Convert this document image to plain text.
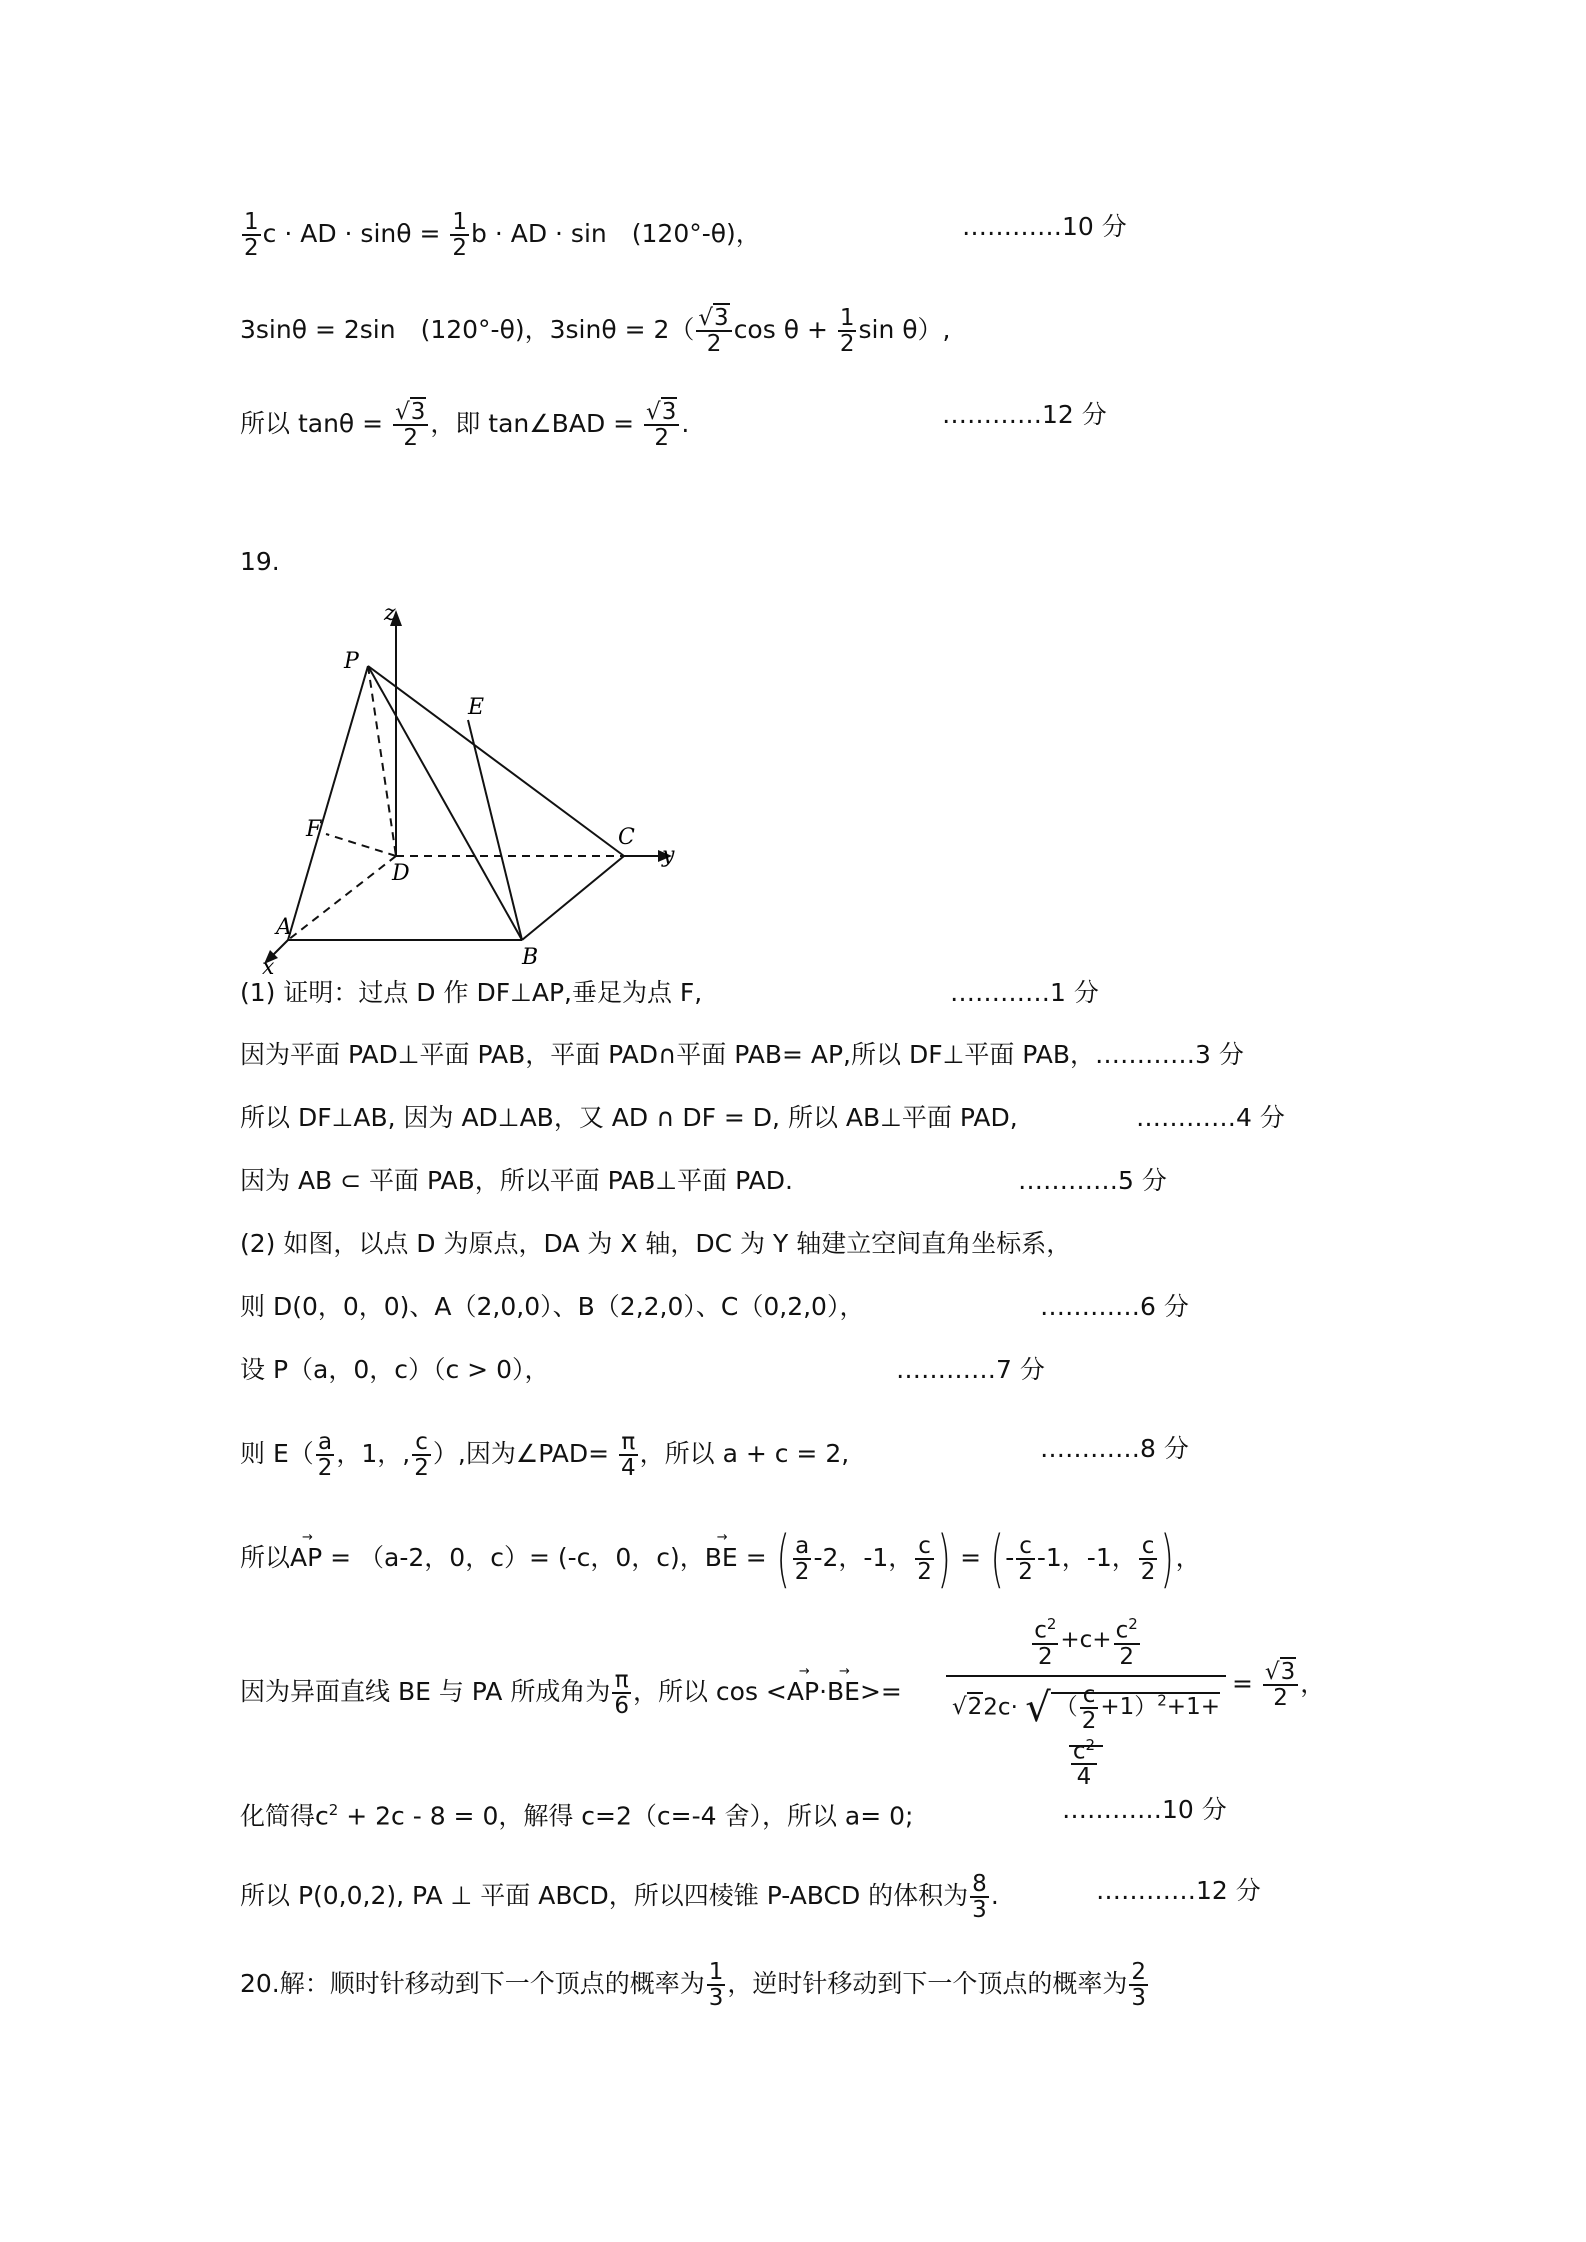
$\frac{1}{2}$ c · AD · $\sin\theta = \frac{1}{2}$ b · AD · sin　(120°-θ)，	…………10 分
3sinθ = 2sin　(120°-θ)，3sinθ = 2（ √ $\frac{3}{2}$ $\cos \theta + \frac{1}{2}$ sin θ）,
所以 tanθ = √ $\frac{3}{2}$ ，即 tan∠BAD = √ $\frac{3}{2}$ .	…………12 分
19.
z
P
E
F	C
y
D
A
B
x
(1) 证明：过点 D 作 DF⊥AP,垂足为点 F,	…………1 分
因为平面 PAD⊥平面 PAB，平面 PAD∩平面 PAB= AP,所以 DF⊥平面 PAB，…………3 分
所以 DF⊥AB, 因为 AD⊥AB，又 AD ∩ DF = D, 所以 AB⊥平面 PAD,	…………4 分
因为 AB ⊂ 平面 PAB，所以平面 PAB⊥平面 PAD.	…………5 分
(2) 如图，以点 D 为原点，DA 为 X 轴，DC 为 Y 轴建立空间直角坐标系，
则 D(0，0，0)、A（2,0,0）、B（2,2,0）、C（0,2,0），	…………6 分
设 P（a，0，c）（c > 0），	…………7 分
则 $E( \frac{a}{2}$ ，1，, $\frac{c}{2}$ ）,因为∠PAD= $\frac{\pi}{4}$ ，所以 a + c = 2,	…………8 分
所以→ AP = （a-2，0，c）= (-c，0，c)，→ BE = ( $\frac{a}{2} -2$，-1， $\frac{c}{2}$ ) = (- $\frac{c}{2} -1$，-1， $\frac{c}{2}$ )，
因为异面直线 BE 与 PA 所成角为 $\frac{\pi}{6}$ ，所以 $\cos <\to AP\cdot\to BE>= \frac{c^2}{2} +c+ \frac{c^2}{2}$
√ 22c· √ （ $\frac{c}{2} +1)^2+1+$
$\frac{c^2}{4}$ = √ $\frac{3}{2}$ ，
化简得$c^2 + 2c - 8 = 0$，解得 c=2（c=-4 舍），所以 a= 0;	…………10 分
所以 P(0,0,2), PA ⊥ 平面 ABCD，所以四棱锥 P-ABCD 的体积为 $\frac{8}{3}$ .	…………12 分
20.解：顺时针移动到下一个顶点的概率为 $\frac{1}{3}$ ，逆时针移动到下一个顶点的概率为 $\frac{2}{3}$
